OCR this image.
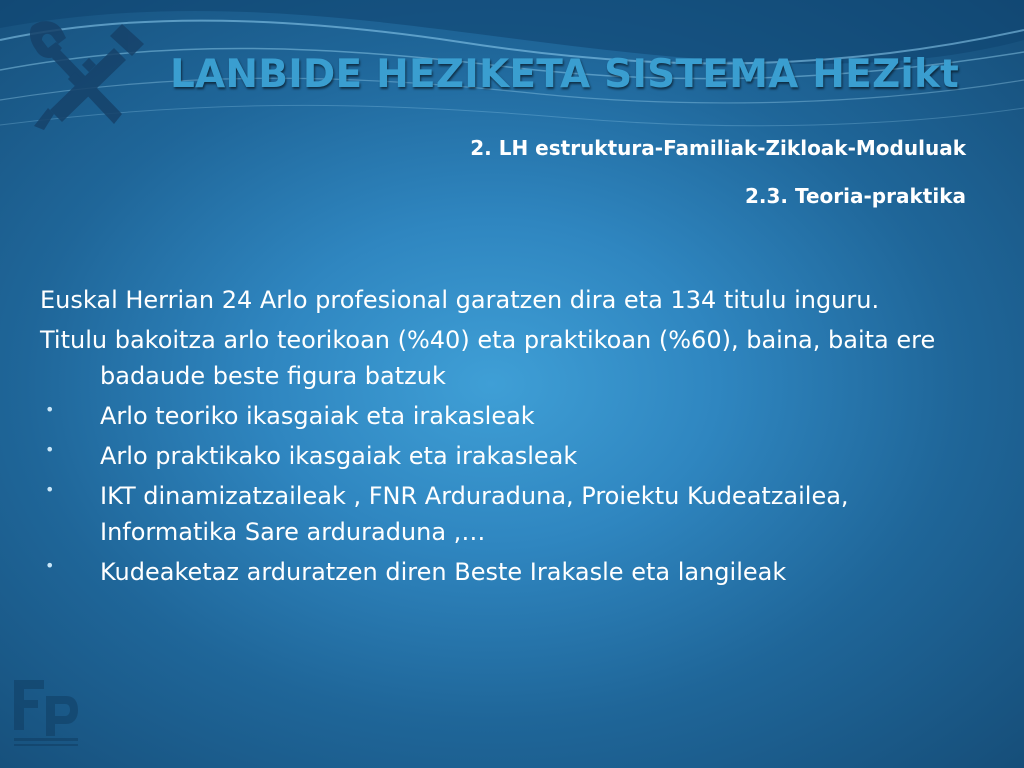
LANBIDE HEZIKETA SISTEMA HEZikt

2. LH estruktura-Familiak-Zikloak-Moduluak

2.3. Teoria-praktika

Euskal Herrian 24 Arlo profesional garatzen dira eta 134 titulu inguru.

Titulu bakoitza arlo teorikoan (%40) eta praktikoan (%60), baina, baita ere badaude beste figura batzuk

• Arlo teoriko ikasgaiak eta irakasleak
• Arlo praktikako ikasgaiak eta irakasleak
• IKT dinamizatzaileak , FNR Arduraduna, Proiektu Kudeatzailea, Informatika Sare arduraduna ,…
• Kudeaketaz arduratzen diren Beste Irakasle eta langileak
